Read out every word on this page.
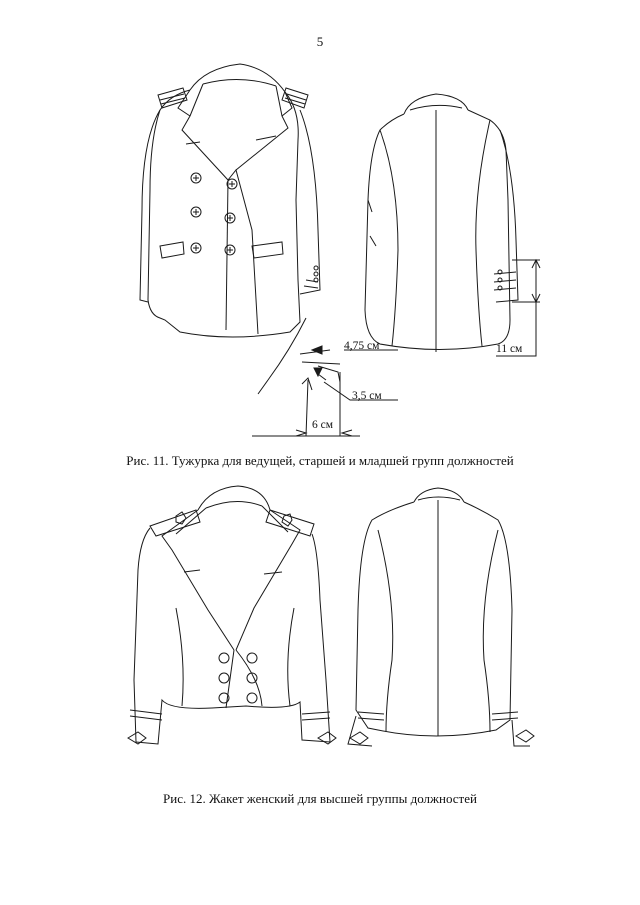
5
4,75 см
3,5 см
6 см
11 см
Рис. 11. Тужурка для ведущей, старшей и младшей групп должностей
Рис. 12. Жакет женский для высшей группы должностей
